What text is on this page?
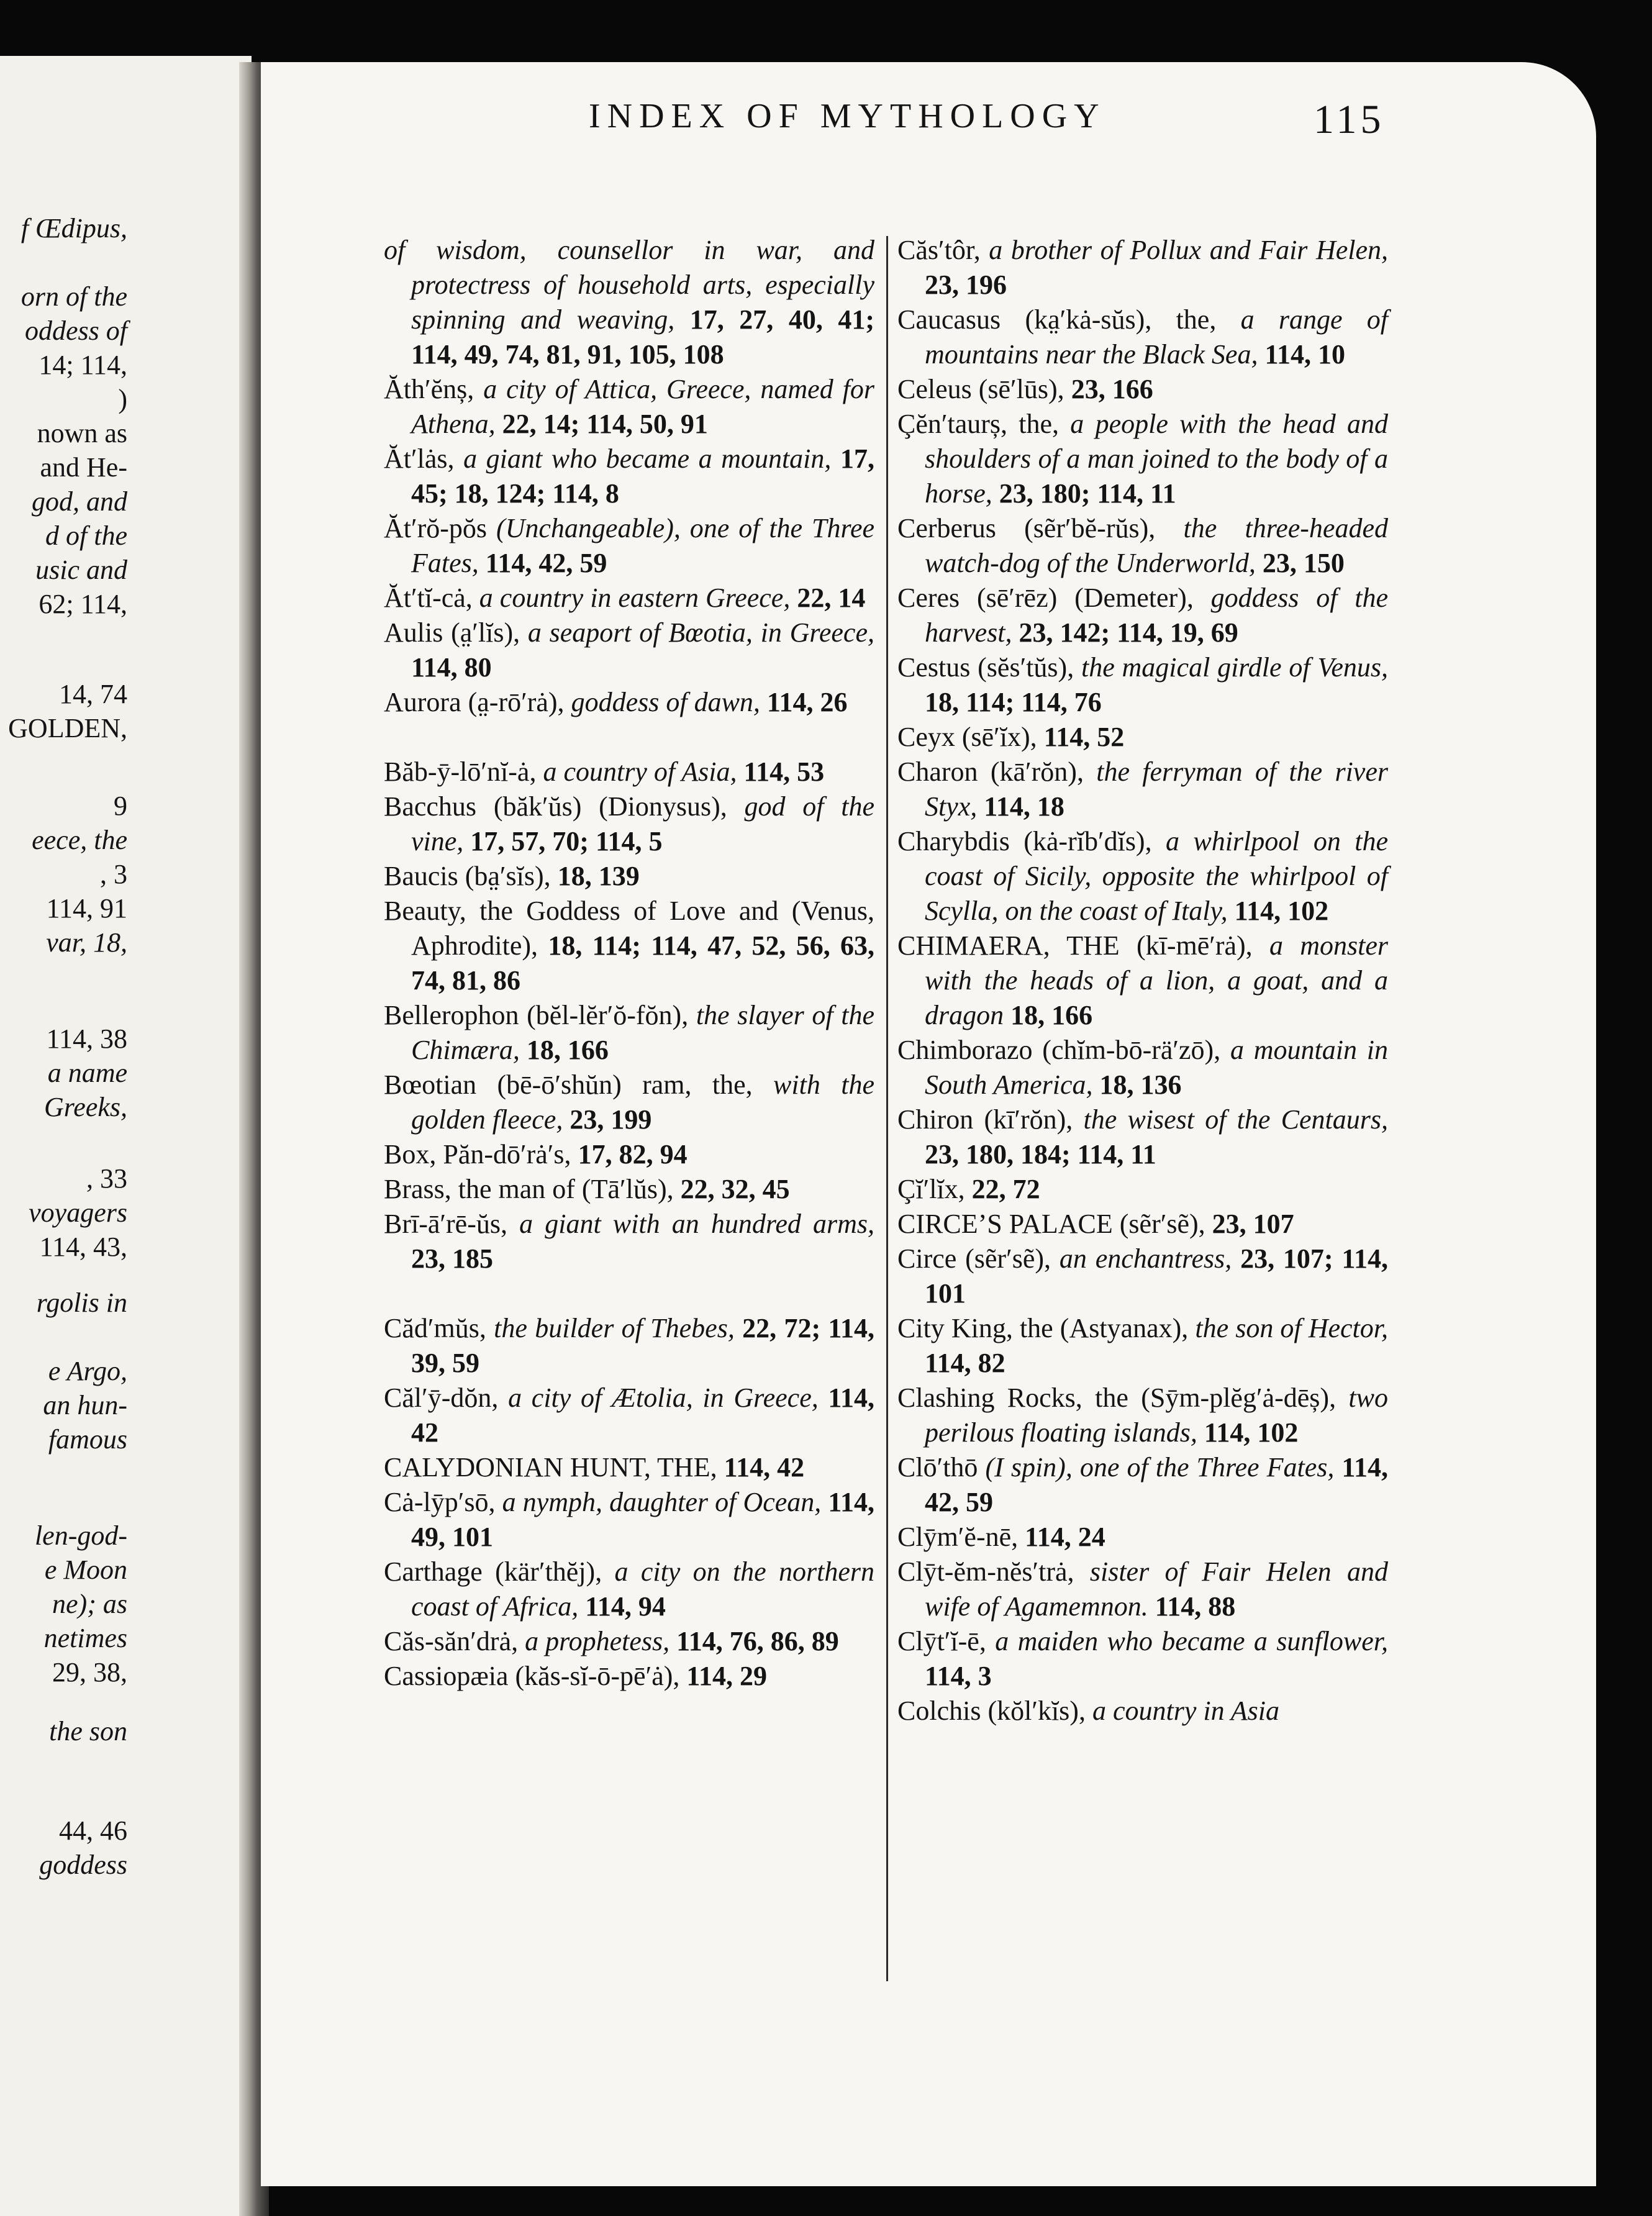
f Œdipus,
orn of the
oddess of
14; 114,
)
nown as
and He-
god, and
d of the
usic and
62; 114,
14, 74
GOLDEN,
9
eece, the
, 3
114, 91
var, 18,
114, 38
a name
Greeks,
, 33
voyagers
114, 43,
rgolis in
e Argo,
an hun-
famous
len-god-
e Moon
ne); as
netimes
29, 38,
the son
44, 46
goddess
INDEX OF MYTHOLOGY	115
of wisdom, counsellor in war, and protectress of household arts, especially spinning and weaving, 17, 27, 40, 41; 114, 49, 74, 81, 91, 105, 108
Ăth′ĕnș, a city of Attica, Greece, named for Athena, 22, 14; 114, 50, 91
Ăt′lȧs, a giant who became a mountain, 17, 45; 18, 124; 114, 8
Ăt′rŏ-pŏs (Unchangeable), one of the Three Fates, 114, 42, 59
Ăt′tĭ-cȧ, a country in eastern Greece, 22, 14
Aulis (a̤′lĭs), a seaport of Bœotia, in Greece, 114, 80
Aurora (a̤-rō′rȧ), goddess of dawn, 114, 26
Băb-ȳ-lō′nĭ-ȧ, a country of Asia, 114, 53
Bacchus (băk′ŭs) (Dionysus), god of the vine, 17, 57, 70; 114, 5
Baucis (ba̤′sĭs), 18, 139
Beauty, the Goddess of Love and (Venus, Aphrodite), 18, 114; 114, 47, 52, 56, 63, 74, 81, 86
Bellerophon (bĕl-lĕr′ŏ-fŏn), the slayer of the Chimæra, 18, 166
Bœotian (bē-ō′shŭn) ram, the, with the golden fleece, 23, 199
Box, Păn-dō′rȧ′s, 17, 82, 94
Brass, the man of (Tā′lŭs), 22, 32, 45
Brī-ā′rē-ŭs, a giant with an hundred arms, 23, 185
Căd′mŭs, the builder of Thebes, 22, 72; 114, 39, 59
Căl′ȳ-dŏn, a city of Ætolia, in Greece, 114, 42
CALYDONIAN HUNT, THE, 114, 42
Cȧ-lȳp′sō, a nymph, daughter of Ocean, 114, 49, 101
Carthage (kär′thĕj), a city on the northern coast of Africa, 114, 94
Căs-săn′drȧ, a prophetess, 114, 76, 86, 89
Cassiopæia (kăs-sĭ-ō-pē′ȧ), 114, 29
Căs′tôr, a brother of Pollux and Fair Helen, 23, 196
Caucasus (ka̤′kȧ-sŭs), the, a range of mountains near the Black Sea, 114, 10
Celeus (sē′lūs), 23, 166
Çĕn′taurș, the, a people with the head and shoulders of a man joined to the body of a horse, 23, 180; 114, 11
Cerberus (sẽr′bĕ-rŭs), the three-headed watch-dog of the Underworld, 23, 150
Ceres (sē′rēz) (Demeter), goddess of the harvest, 23, 142; 114, 19, 69
Cestus (sĕs′tŭs), the magical girdle of Venus, 18, 114; 114, 76
Ceyx (sē′ĭx), 114, 52
Charon (kā′rŏn), the ferryman of the river Styx, 114, 18
Charybdis (kȧ-rĭb′dĭs), a whirlpool on the coast of Sicily, opposite the whirlpool of Scylla, on the coast of Italy, 114, 102
CHIMAERA, THE (kī-mē′rȧ), a monster with the heads of a lion, a goat, and a dragon 18, 166
Chimborazo (chĭm-bō-rä′zō), a mountain in South America, 18, 136
Chiron (kī′rŏn), the wisest of the Centaurs, 23, 180, 184; 114, 11
Çĭ′lĭx, 22, 72
CIRCE’S PALACE (sẽr′sẽ), 23, 107
Circe (sẽr′sẽ), an enchantress, 23, 107; 114, 101
City King, the (Astyanax), the son of Hector, 114, 82
Clashing Rocks, the (Sȳm-plĕg′ȧ-dēș), two perilous floating islands, 114, 102
Clō′thō (I spin), one of the Three Fates, 114, 42, 59
Clȳm′ĕ-nē, 114, 24
Clȳt-ĕm-nĕs′trȧ, sister of Fair Helen and wife of Agamemnon. 114, 88
Clȳt′ĭ-ē, a maiden who became a sunflower, 114, 3
Colchis (kŏl′kĭs), a country in Asia
